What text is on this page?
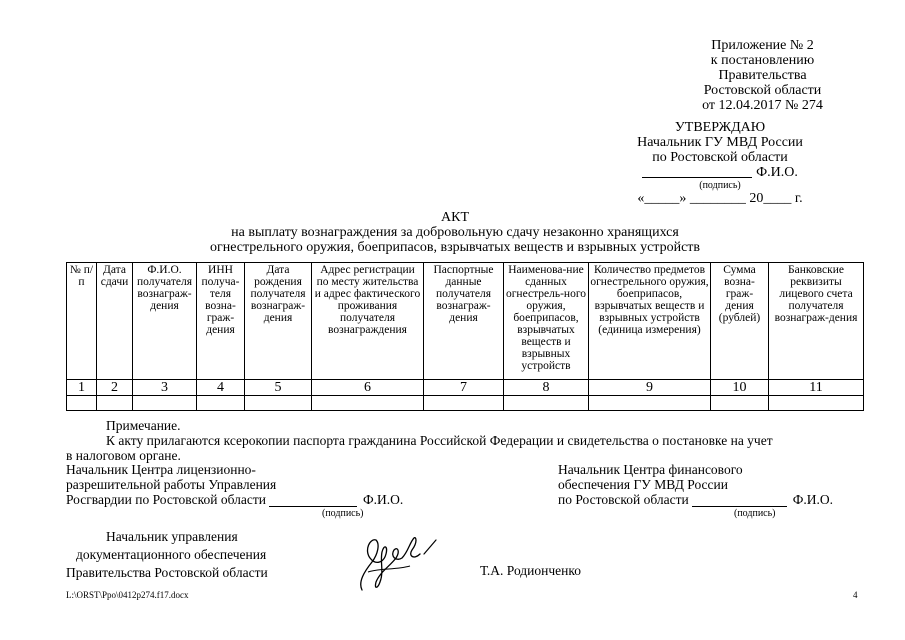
Приложение № 2
к постановлению
Правительства
Ростовской области
от 12.04.2017 № 274
УТВЕРЖДАЮ
Начальник ГУ МВД России
по Ростовской области
Ф.И.О.
(подпись)
«_____» ________ 20____ г.
АКТ
на выплату вознаграждения за добровольную сдачу незаконно хранящихся
огнестрельного оружия, боеприпасов, взрывчатых веществ и взрывных устройств
№ п/п	Дата сдачи	Ф.И.О. получателя вознаграж-дения	ИНН получа-теля возна-граж-дения	Дата рождения получателя вознаграж-дения	Адрес регистрации по месту жительства и адрес фактического проживания получателя вознаграждения	Паспортные данные получателя вознаграж-дения	Наименова-ние сданных огнестрель-ного оружия, боеприпасов, взрывчатых веществ и взрывных устройств	Количество предметов огнестрельного оружия, боеприпасов, взрывчатых веществ и взрывных устройств (единица измерения)	Сумма возна-граж-дения (рублей)	Банковские реквизиты лицевого счета получателя вознаграж-дения
1	2	3	4	5	6	7	8	9	10	11

Примечание.
К акту прилагаются ксерокопии паспорта гражданина Российской Федерации и свидетельства о постановке на учет
в налоговом органе.
Начальник Центра лицензионно-
разрешительной работы Управления
Росгвардии по Ростовской области	Ф.И.О.
(подпись)
Начальник Центра финансового
обеспечения ГУ МВД России
по Ростовской области	Ф.И.О.
(подпись)
Начальник управления
документационного обеспечения
Правительства Ростовской области	Т.А. Родионченко
L:\ORST\Ppo\0412p274.f17.docx	4
